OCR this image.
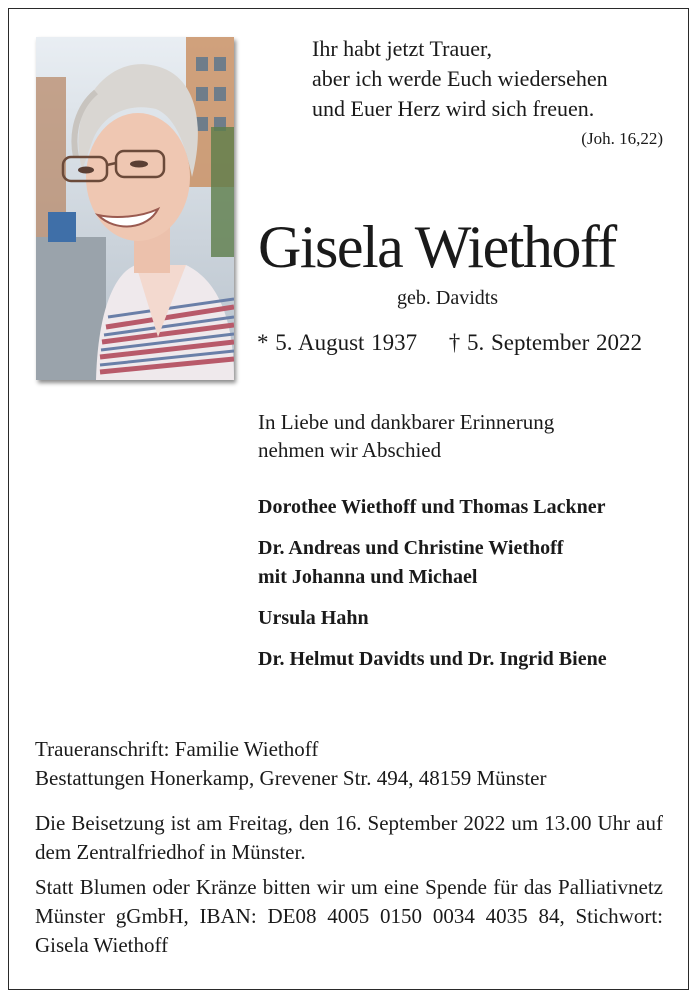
Ihr habt jetzt Trauer,
aber ich werde Euch wiedersehen
und Euer Herz wird sich freuen.
(Joh. 16,22)
Gisela Wiethoff
geb. Davidts
* 5. August 1937 † 5. September 2022
In Liebe und dankbarer Erinnerung
nehmen wir Abschied
Dorothee Wiethoff und Thomas Lackner
Dr. Andreas und Christine Wiethoff
mit Johanna und Michael
Ursula Hahn
Dr. Helmut Davidts und Dr. Ingrid Biene

Traueranschrift: Familie Wiethoff
Bestattungen Honerkamp, Grevener Str. 494, 48159 Münster

Die Beisetzung ist am Freitag, den 16. September 2022 um 13.00 Uhr auf dem Zentralfriedhof in Münster.

Statt Blumen oder Kränze bitten wir um eine Spende für das Palliativnetz Münster gGmbH, IBAN: DE08 4005 0150 0034 4035 84, Stichwort: Gisela Wiethoff
